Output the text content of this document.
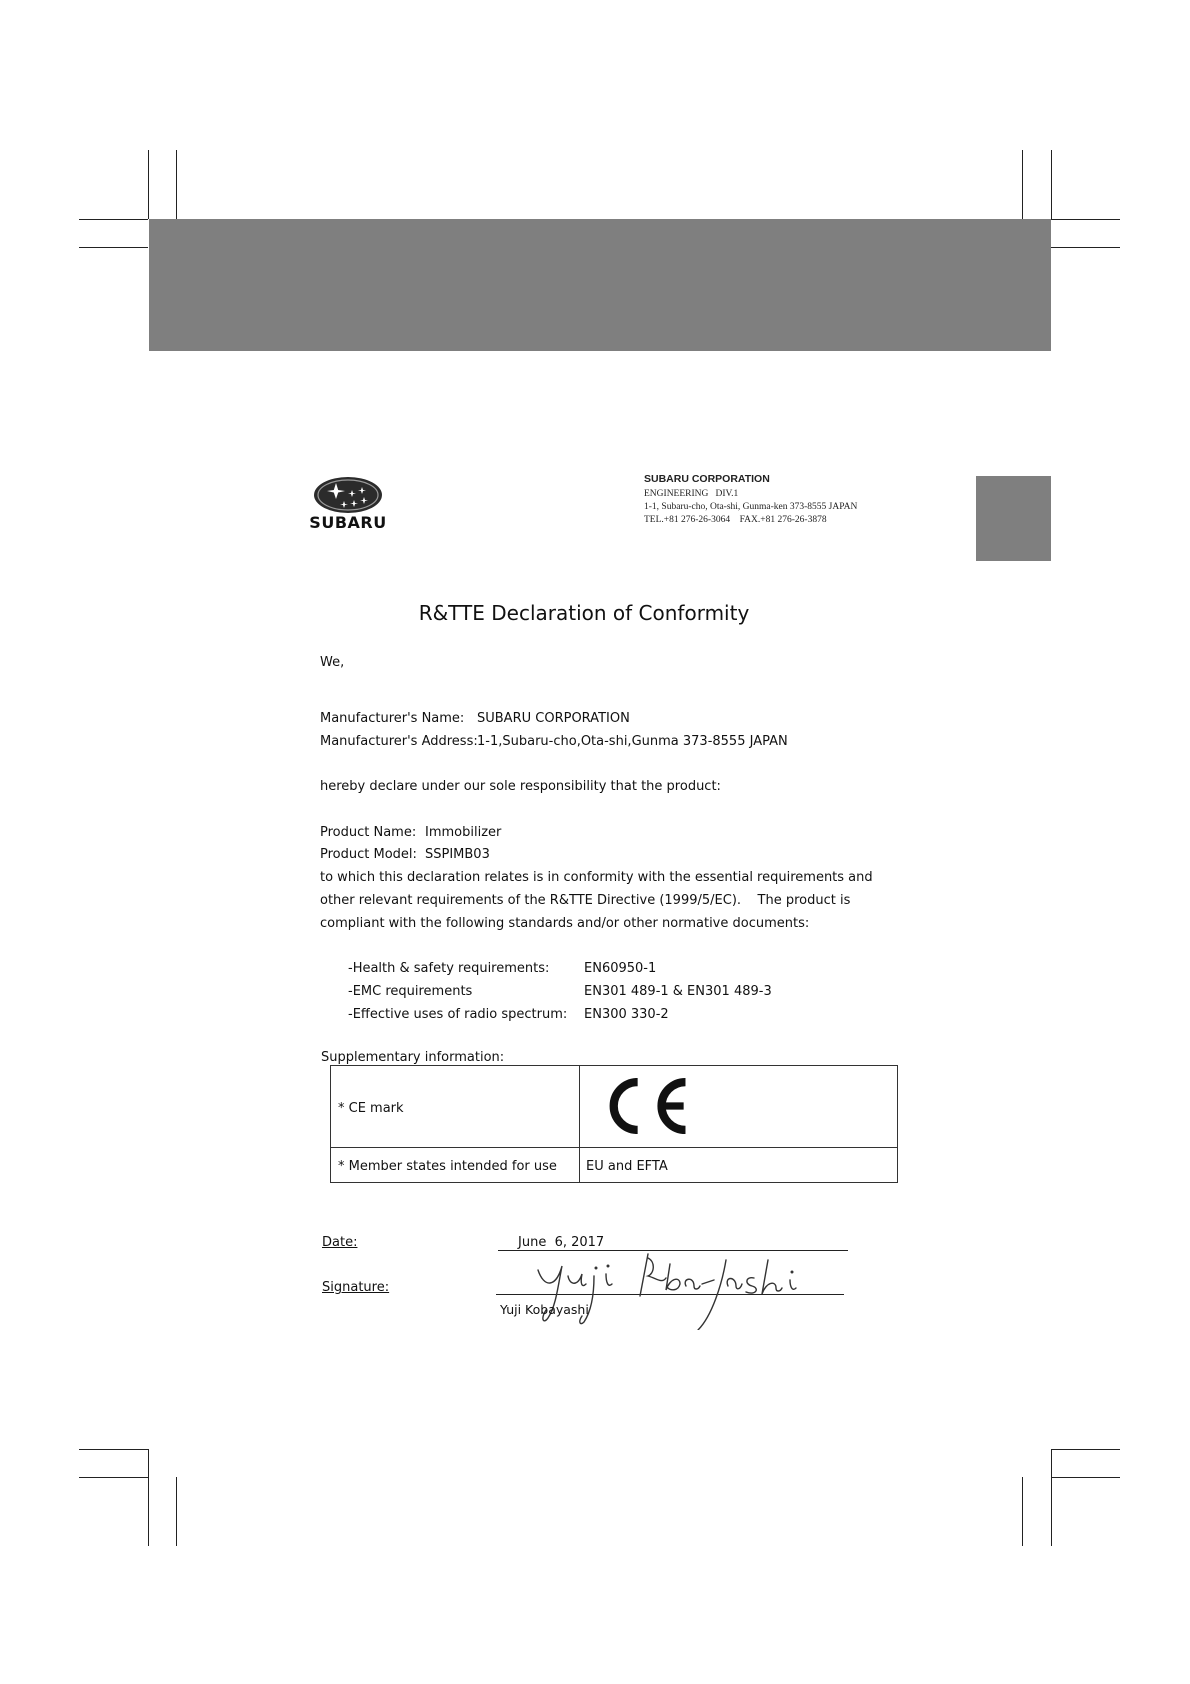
SUBARU
SUBARU CORPORATION
ENGINEERING   DIV.1
1-1, Subaru-cho, Ota-shi, Gunma-ken 373-8555 JAPAN
TEL.+81 276-26-3064    FAX.+81 276-26-3878
R&TTE Declaration of Conformity
We,
Manufacturer's Name: SUBARU CORPORATION
Manufacturer's Address: 1-1,Subaru-cho,Ota-shi,Gunma 373-8555 JAPAN
hereby declare under our sole responsibility that the product:
Product Name: Immobilizer
Product Model: SSPIMB03
to which this declaration relates is in conformity with the essential requirements and
other relevant requirements of the R&TTE Directive (1999/5/EC).    The product is
compliant with the following standards and/or other normative documents:
-Health & safety requirements:	EN60950-1
-EMC requirements	EN301 489-1 & EN301 489-3
-Effective uses of radio spectrum: EN300 330-2
Supplementary information:
* CE mark
* Member states intended for use EU and EFTA
Date:	June  6, 2017
Signature:
Yuji Kobayashi
